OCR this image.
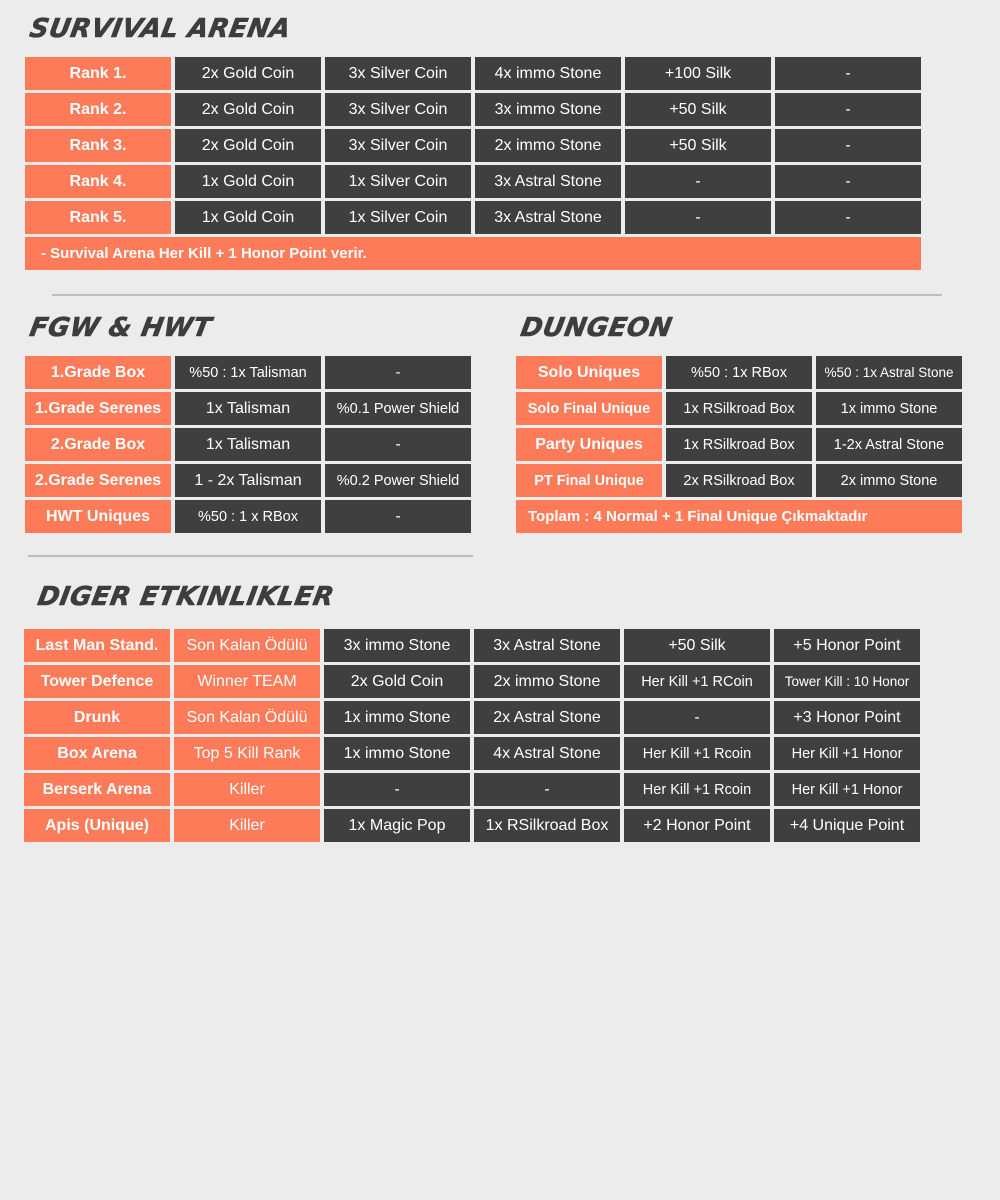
SURVIVAL ARENA
Rank 1.	2x Gold Coin	3x Silver Coin	4x immo Stone	+100 Silk	-
Rank 2.	2x Gold Coin	3x Silver Coin	3x immo Stone	+50 Silk	-
Rank 3.	2x Gold Coin	3x Silver Coin	2x immo Stone	+50 Silk	-
Rank 4.	1x Gold Coin	1x Silver Coin	3x Astral Stone	-	-
Rank 5.	1x Gold Coin	1x Silver Coin	3x Astral Stone	-	-
- Survival Arena Her Kill + 1 Honor Point verir.
FGW & HWT
1.Grade Box	%50 : 1x Talisman	-
1.Grade Serenes	1x Talisman	%0.1 Power Shield
2.Grade Box	1x Talisman	-
2.Grade Serenes	1 - 2x Talisman	%0.2 Power Shield
HWT Uniques	%50 : 1 x RBox	-
DUNGEON
Solo Uniques	%50 : 1x RBox	%50 : 1x Astral Stone
Solo Final Unique	1x RSilkroad Box	1x immo Stone
Party Uniques	1x RSilkroad Box	1-2x Astral Stone
PT Final Unique	2x RSilkroad Box	2x immo Stone
Toplam : 4 Normal + 1 Final Unique Çıkmaktadır
DIGER ETKINLIKLER
Last Man Stand.	Son Kalan Ödülü	3x immo Stone	3x Astral Stone	+50 Silk	+5 Honor Point
Tower Defence	Winner TEAM	2x Gold Coin	2x immo Stone	Her Kill +1 RCoin	Tower Kill : 10 Honor
Drunk	Son Kalan Ödülü	1x immo Stone	2x Astral Stone	-	+3 Honor Point
Box Arena	Top 5 Kill Rank	1x immo Stone	4x Astral Stone	Her Kill +1 Rcoin	Her Kill +1 Honor
Berserk Arena	Killer	-	-	Her Kill +1 Rcoin	Her Kill +1 Honor
Apis (Unique)	Killer	1x Magic Pop	1x RSilkroad Box	+2 Honor Point	+4 Unique Point
